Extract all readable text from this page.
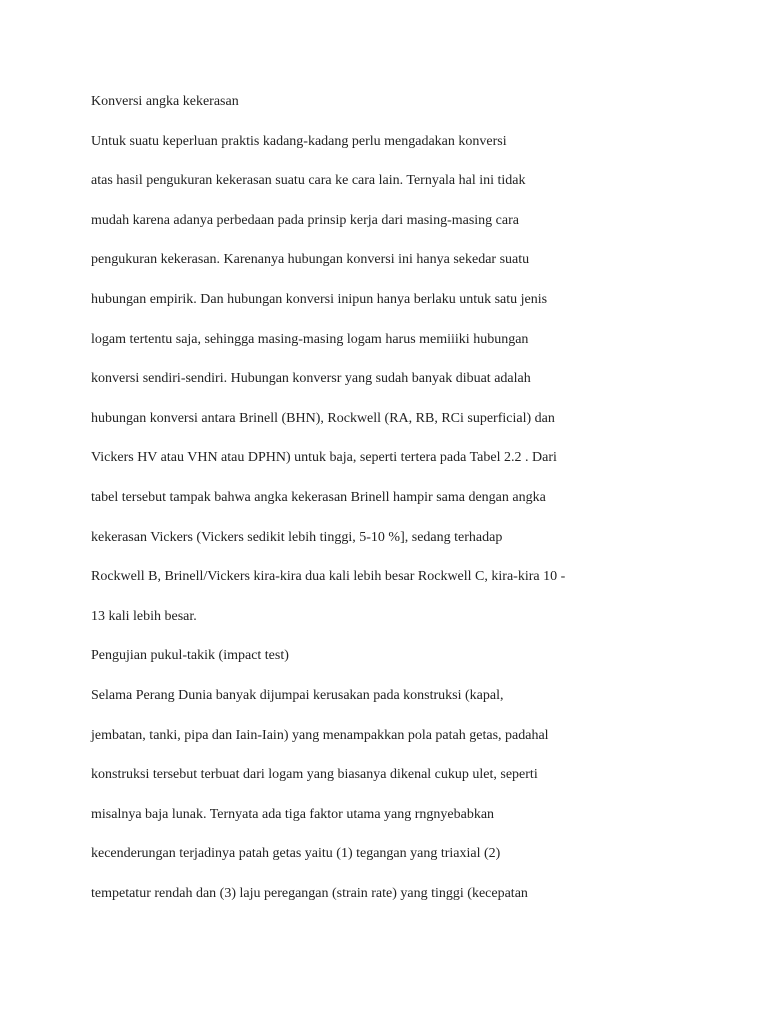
Konversi angka kekerasan
Untuk suatu keperluan praktis kadang-kadang perlu mengadakan konversi
atas hasil pengukuran kekerasan suatu cara ke cara lain. Ternyala hal ini tidak
mudah karena adanya perbedaan pada prinsip kerja dari masing-masing cara
pengukuran kekerasan. Karenanya hubungan konversi ini hanya sekedar suatu
hubungan empirik. Dan hubungan konversi inipun hanya berlaku untuk satu jenis
logam tertentu saja, sehingga masing-masing logam harus memiiiki hubungan
konversi sendiri-sendiri. Hubungan konversr yang sudah banyak dibuat adalah
hubungan konversi antara Brinell (BHN), Rockwell (RA, RB, RCi superficial) dan
Vickers HV atau VHN atau DPHN) untuk baja, seperti tertera pada Tabel 2.2 . Dari
tabel tersebut tampak bahwa angka kekerasan Brinell hampir sama dengan angka
kekerasan Vickers (Vickers sedikit lebih tinggi, 5-10 %], sedang terhadap
Rockwell B, Brinell/Vickers kira-kira dua kali lebih besar Rockwell C, kira-kira 10 -
13 kali lebih besar.
Pengujian pukul-takik (impact test)
Selama Perang Dunia banyak dijumpai kerusakan pada konstruksi (kapal,
jembatan, tanki, pipa dan Iain-Iain) yang menampakkan pola patah getas, padahal
konstruksi tersebut terbuat dari logam yang biasanya dikenal cukup ulet, seperti
misalnya baja lunak. Ternyata ada tiga faktor utama yang rngnyebabkan
kecenderungan terjadinya patah getas yaitu (1) tegangan yang triaxial (2)
tempetatur rendah dan (3) laju peregangan (strain rate) yang tinggi (kecepatan
